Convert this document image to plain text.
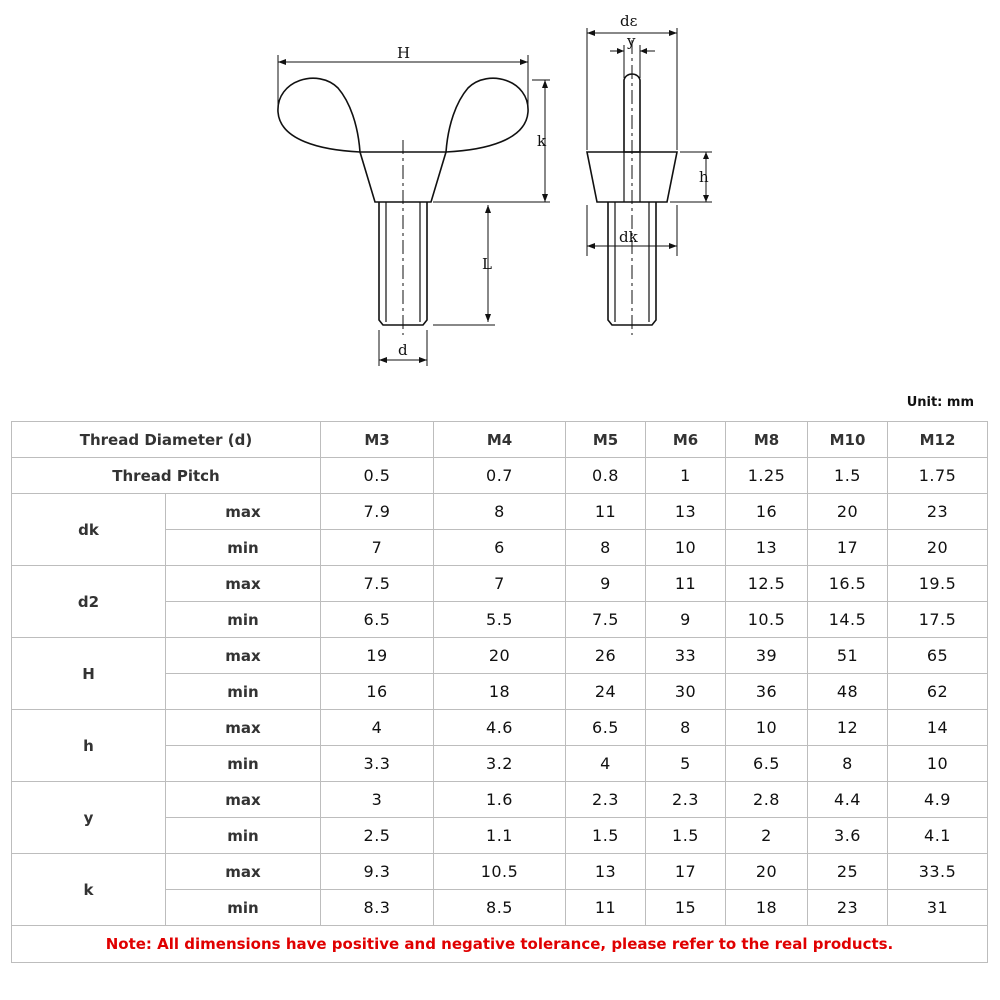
H
k
L
d
dɛ
y
h
dk
Unit: mm
Thread Diameter (d)		M3	M4	M5	M6	M8	M10	M12
Thread Pitch		0.5	0.7	0.8	1	1.25	1.5	1.75
dk	max	7.9	8	11	13	16	20	23
	min	7	6	8	10	13	17	20
d2	max	7.5	7	9	11	12.5	16.5	19.5
	min	6.5	5.5	7.5	9	10.5	14.5	17.5
H	max	19	20	26	33	39	51	65
	min	16	18	24	30	36	48	62
h	max	4	4.6	6.5	8	10	12	14
	min	3.3	3.2	4	5	6.5	8	10
y	max	3	1.6	2.3	2.3	2.8	4.4	4.9
	min	2.5	1.1	1.5	1.5	2	3.6	4.1
k	max	9.3	10.5	13	17	20	25	33.5
	min	8.3	8.5	11	15	18	23	31
Note: All dimensions have positive and negative tolerance, please refer to the real products.								
